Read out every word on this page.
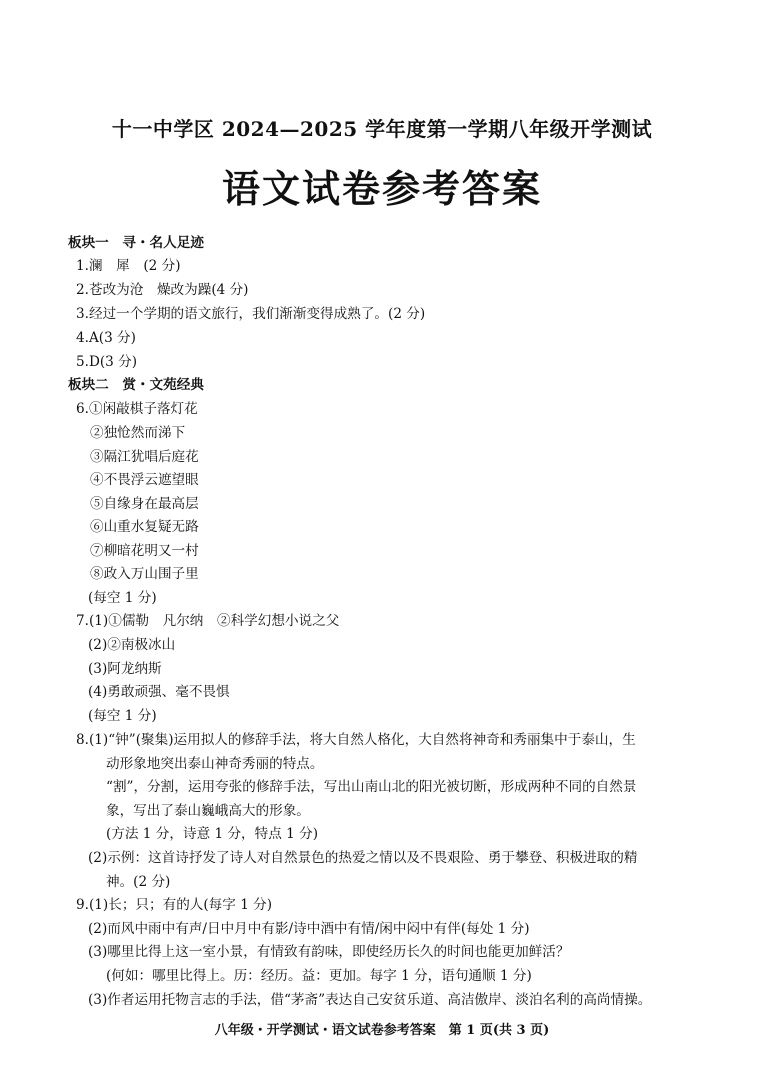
十一中学区 2024—2025 学年度第一学期八年级开学测试
语文试卷参考答案
板块一　寻・名人足迹
1.澜　犀　(2 分)
2.苍改为沧　燥改为躁(4 分)
3.经过一个学期的语文旅行，我们渐渐变得成熟了。(2 分)
4.A(3 分)
5.D(3 分)
板块二　赏・文苑经典
6.①闲敲棋子落灯花
②独怆然而涕下
③隔江犹唱后庭花
④不畏浮云遮望眼
⑤自缘身在最高层
⑥山重水复疑无路
⑦柳暗花明又一村
⑧政入万山围子里
(每空 1 分)
7.(1)①儒勒　凡尔纳　②科学幻想小说之父
(2)②南极冰山
(3)阿龙纳斯
(4)勇敢顽强、毫不畏惧
(每空 1 分)
8.(1)“钟”(聚集)运用拟人的修辞手法，将大自然人格化，大自然将神奇和秀丽集中于泰山，生
动形象地突出泰山神奇秀丽的特点。
“割”，分割，运用夸张的修辞手法，写出山南山北的阳光被切断，形成两种不同的自然景
象，写出了泰山巍峨高大的形象。
(方法 1 分，诗意 1 分，特点 1 分)
(2)示例：这首诗抒发了诗人对自然景色的热爱之情以及不畏艰险、勇于攀登、积极进取的精
神。(2 分)
9.(1)长；只；有的人(每字 1 分)
(2)而风中雨中有声/日中月中有影/诗中酒中有情/闲中闷中有伴(每处 1 分)
(3)哪里比得上这一室小景，有情致有韵味，即使经历长久的时间也能更加鲜活？
(何如：哪里比得上。历：经历。益：更加。每字 1 分，语句通顺 1 分)
(3)作者运用托物言志的手法，借“茅斋”表达自己安贫乐道、高洁傲岸、淡泊名利的高尚情操。
八年级・开学测试・语文试卷参考答案　第 1 页(共 3 页)
